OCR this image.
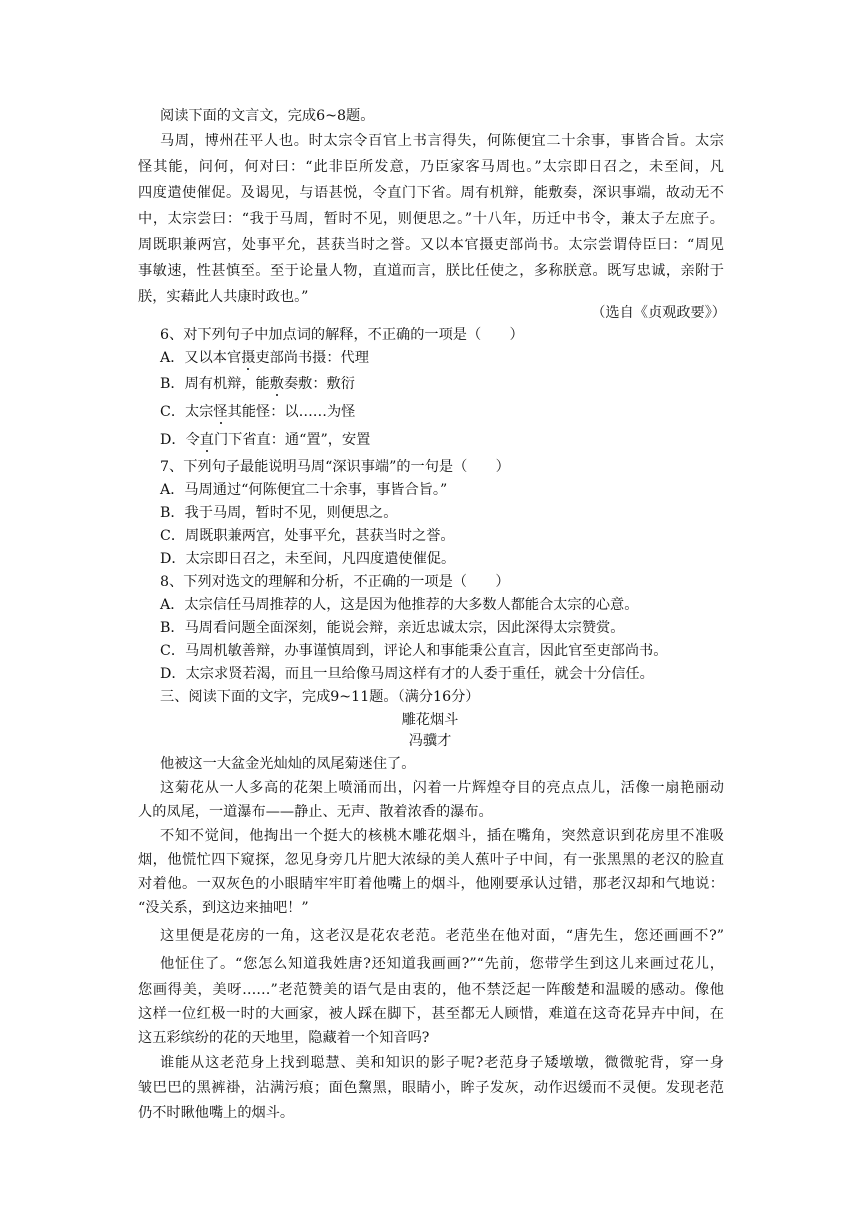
阅读下面的文言文，完成6~8题。
马周，博州茌平人也。时太宗令百官上书言得失，何陈便宜二十余事，事皆合旨。太宗
怪其能，问何，何对曰：“此非臣所发意，乃臣家客马周也。”太宗即日召之，未至间，凡
四度遣使催促。及谒见，与语甚悦，令直门下省。周有机辩，能敷奏，深识事端，故动无不
中，太宗尝曰：“我于马周，暂时不见，则便思之。”十八年，历迁中书令，兼太子左庶子。
周既职兼两宫，处事平允，甚获当时之誉。又以本官摄吏部尚书。太宗尝谓侍臣曰：“周见
事敏速，性甚慎至。至于论量人物，直道而言，朕比任使之，多称朕意。既写忠诚，亲附于
朕，实藉此人共康时政也。”
（选自《贞观政要》）
6、对下列句子中加点词的解释，不正确的一项是（　　）
A．又以本官摄吏部尚书摄：代理
B．周有机辩，能敷奏敷：敷衍
C．太宗怪其能怪：以……为怪
D．令直门下省直：通“置”，安置
7、下列句子最能说明马周“深识事端”的一句是（　　）
A．马周通过“何陈便宜二十余事，事皆合旨。”
B．我于马周，暂时不见，则便思之。
C．周既职兼两宫，处事平允，甚获当时之誉。
D．太宗即日召之，未至间，凡四度遣使催促。
8、下列对选文的理解和分析，不正确的一项是（　　）
A．太宗信任马周推荐的人，这是因为他推荐的大多数人都能合太宗的心意。
B．马周看问题全面深刻，能说会辩，亲近忠诚太宗，因此深得太宗赞赏。
C．马周机敏善辩，办事谨慎周到，评论人和事能秉公直言，因此官至吏部尚书。
D．太宗求贤若渴，而且一旦给像马周这样有才的人委于重任，就会十分信任。
三、阅读下面的文字，完成9~11题。（满分16分）
雕花烟斗
冯骥才
他被这一大盆金光灿灿的凤尾菊迷住了。
这菊花从一人多高的花架上喷涌而出，闪着一片辉煌夺目的亮点点儿，活像一扇艳丽动
人的凤尾，一道瀑布——静止、无声、散着浓香的瀑布。
不知不觉间，他掏出一个挺大的核桃木雕花烟斗，插在嘴角，突然意识到花房里不准吸
烟，他慌忙四下窥探，忽见身旁几片肥大浓绿的美人蕉叶子中间，有一张黑黑的老汉的脸直
对着他。一双灰色的小眼睛牢牢盯着他嘴上的烟斗，他刚要承认过错，那老汉却和气地说：
“没关系，到这边来抽吧！”
这里便是花房的一角，这老汉是花农老范。老范坐在他对面，“唐先生，您还画画不?”
他怔住了。“您怎么知道我姓唐?还知道我画画?”“先前，您带学生到这儿来画过花儿，
您画得美，美呀……”老范赞美的语气是由衷的，他不禁泛起一阵酸楚和温暖的感动。像他
这样一位红极一时的大画家，被人踩在脚下，甚至都无人顾惜，难道在这奇花异卉中间，在
这五彩缤纷的花的天地里，隐藏着一个知音吗?
谁能从这老范身上找到聪慧、美和知识的影子呢?老范身子矮墩墩，微微驼背，穿一身
皱巴巴的黑裤褂，沾满污痕；面色黧黑，眼睛小，眸子发灰，动作迟缓而不灵便。发现老范
仍不时瞅他嘴上的烟斗。
